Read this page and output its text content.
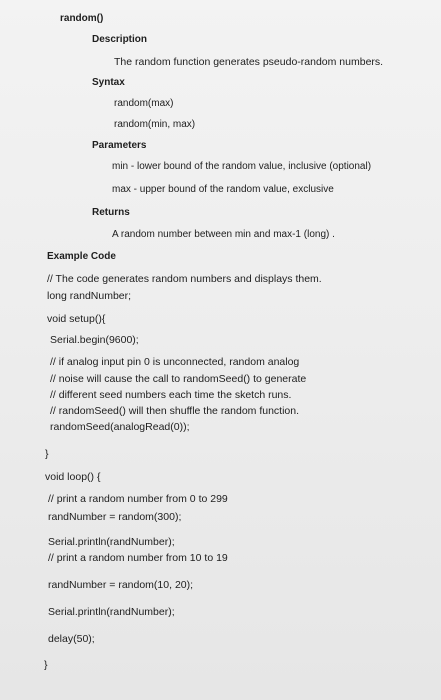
random()

Description

The random function generates pseudo-random numbers.

Syntax

random(max)

random(min, max)

Parameters

min - lower bound of the random value, inclusive (optional)

max - upper bound of the random value, exclusive

Returns

A random number between min and max-1 (long) .

Example Code

// The code generates random numbers and displays them.

long randNumber;

void setup(){

Serial.begin(9600);

// if analog input pin 0 is unconnected, random analog

// noise will cause the call to randomSeed() to generate

// different seed numbers each time the sketch runs.

// randomSeed() will then shuffle the random function.

randomSeed(analogRead(0));

}

void loop() {

// print a random number from 0 to 299

randNumber = random(300);

Serial.println(randNumber);

// print a random number from 10 to 19

randNumber = random(10, 20);

Serial.println(randNumber);

delay(50);

}
